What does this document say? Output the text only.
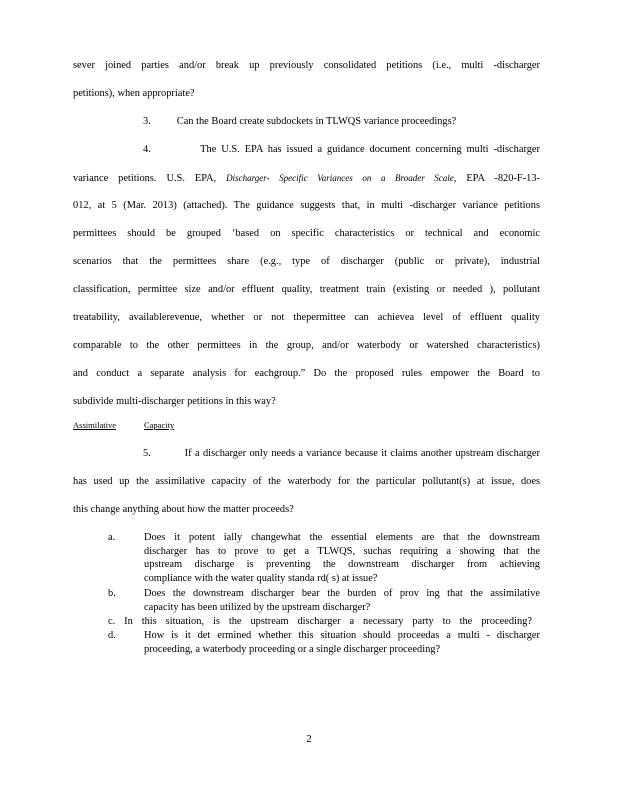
sever joined parties and/or break up previously consolidated petitions (i.e., multi -discharger
petitions), when appropriate?
3.          Can the Board create subdockets in TLWQS variance proceedings?
4.          The U.S. EPA has issued a guidance document concerning multi -discharger
variance petitions. U.S. EPA, Discharger- Specific Variances on a Broader Scale, EPA -820-F-13-
012, at 5 (Mar. 2013) (attached). The guidance suggests that, in multi -discharger variance petitions
permittees should be grouped ‘based on specific characteristics or technical and economic
scenarios that the permittees share (e.g., type of discharger (public or private), industrial
classification, permittee size and/or effluent quality, treatment train (existing or needed ), pollutant
treatability, availablerevenue, whether or not thepermittee can achievea level of effluent quality
comparable to the other permittees in the group, and/or waterbody or watershed characteristics)
and conduct a separate analysis for eachgroup.” Do the proposed rules empower the Board to
subdivide multi-discharger petitions in this way?
Assimilative	Capacity
5.          If a discharger only needs a variance because it claims another upstream discharger
has used up the assimilative capacity of the waterbody for the particular pollutant(s) at issue, does
this change anything about how the matter proceeds?
a.	Does it potent ially changewhat the essential elements are that the downstream
discharger has to prove to get a TLWQS, suchas requiring a showing that the
upstream discharge is preventing the downstream discharger from achieving
compliance with the water quality standa rd( s) at issue?
b.	Does the downstream discharger bear the burden of prov ing that the assimilative
capacity has been utilized by the upstream discharger?
c. In this situation, is the upstream discharger a necessary party to the proceeding?
d.	How is it det ermined whether this situation should proceedas a multi - discharger
proceeding, a waterbody proceeding or a single discharger proceeding?
2
